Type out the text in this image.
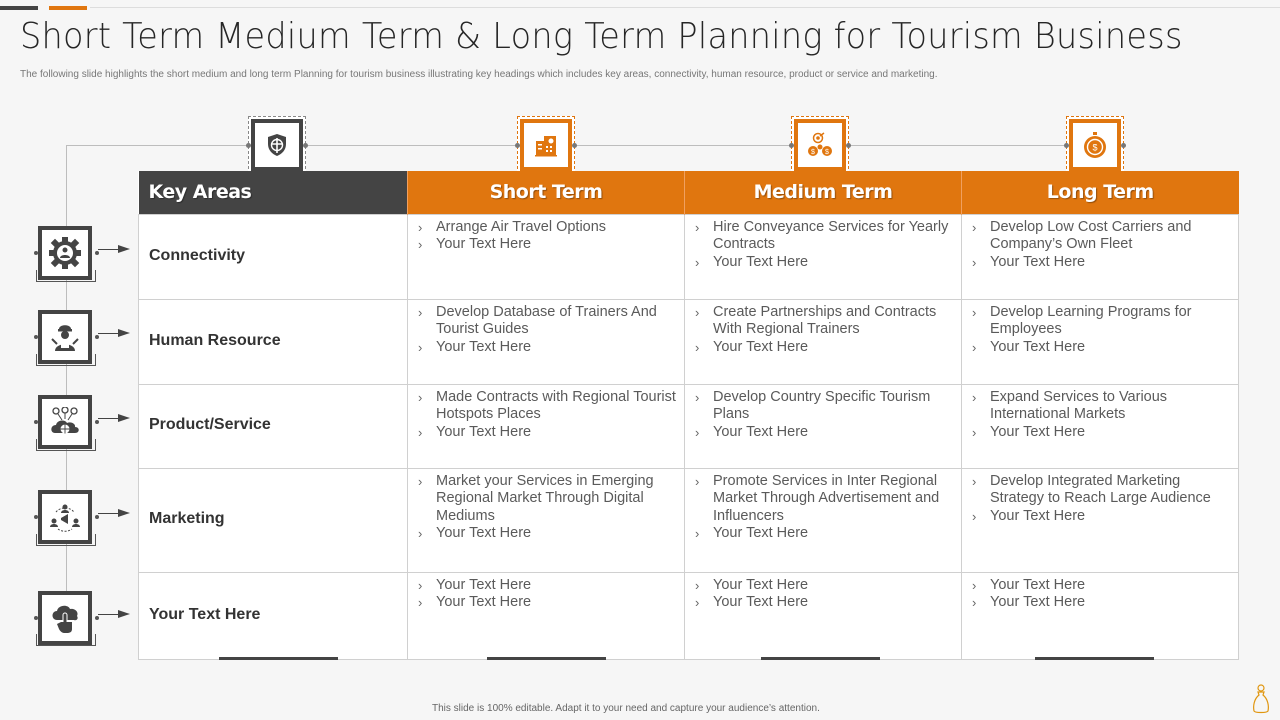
Short Term Medium Term & Long Term Planning for Tourism Business

The following slide highlights the short medium and long term Planning for tourism business illustrating key headings which includes key areas, connectivity, human resource, product or service and marketing.

$ $	$
Key Areas	Short Term	Medium Term	Long Term
Connectivity	
› Arrange Air Travel Options
› Your Text Here

› Hire Conveyance Services for Yearly Contracts
› Your Text Here

› Develop Low Cost Carriers and Company’s Own Fleet
› Your Text Here

Human Resource	
› Develop Database of Trainers And Tourist Guides
› Your Text Here

› Create Partnerships and Contracts With Regional Trainers
› Your Text Here

› Develop Learning Programs for Employees
› Your Text Here

Product/Service	
› Made Contracts with Regional Tourist Hotspots Places
› Your Text Here

› Develop Country Specific Tourism Plans
› Your Text Here

› Expand Services to Various International Markets
› Your Text Here

Marketing	
› Market your Services in Emerging Regional Market Through Digital Mediums
› Your Text Here

› Promote Services in Inter Regional Market Through Advertisement and Influencers
› Your Text Here

› Develop Integrated Marketing Strategy to Reach Large Audience
› Your Text Here

Your Text Here	
› Your Text Here
› Your Text Here

› Your Text Here
› Your Text Here

› Your Text Here
› Your Text Here

This slide is 100% editable. Adapt it to your need and capture your audience’s attention.
